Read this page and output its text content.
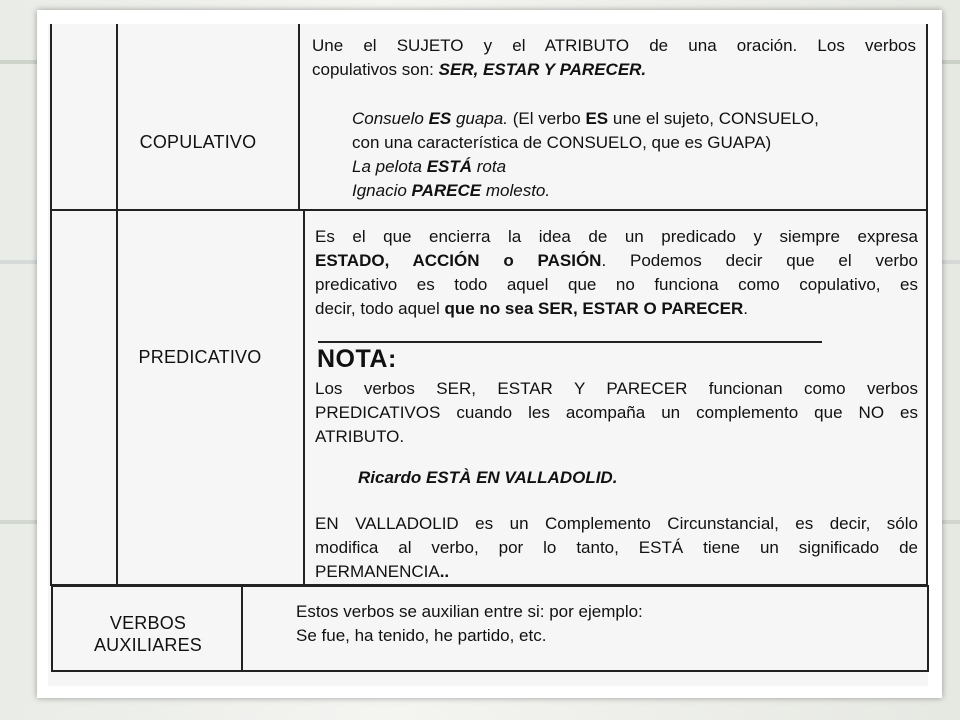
COPULATIVO
Une el SUJETO y el ATRIBUTO de una oración. Los verbos
copulativos son: SER, ESTAR Y PARECER.
Consuelo ES guapa. (El verbo ES une el sujeto, CONSUELO,
con una característica de CONSUELO, que es GUAPA)
La pelota ESTÁ rota
Ignacio PARECE molesto.
PREDICATIVO
Es el que encierra la idea de un predicado y siempre expresa
ESTADO, ACCIÓN o PASIÓN. Podemos decir que el verbo
predicativo es todo aquel que no funciona como copulativo, es
decir, todo aquel que no sea SER, ESTAR O PARECER.
NOTA:
Los verbos SER, ESTAR Y PARECER funcionan como verbos
PREDICATIVOS cuando les acompaña un complemento que NO es
ATRIBUTO.
Ricardo ESTÀ EN VALLADOLID.
EN VALLADOLID es un Complemento Circunstancial, es decir, sólo
modifica al verbo, por lo tanto, ESTÁ tiene un significado de
PERMANENCIA..
VERBOS
AUXILIARES
Estos verbos se auxilian entre si: por ejemplo:
Se fue, ha tenido, he partido, etc.
